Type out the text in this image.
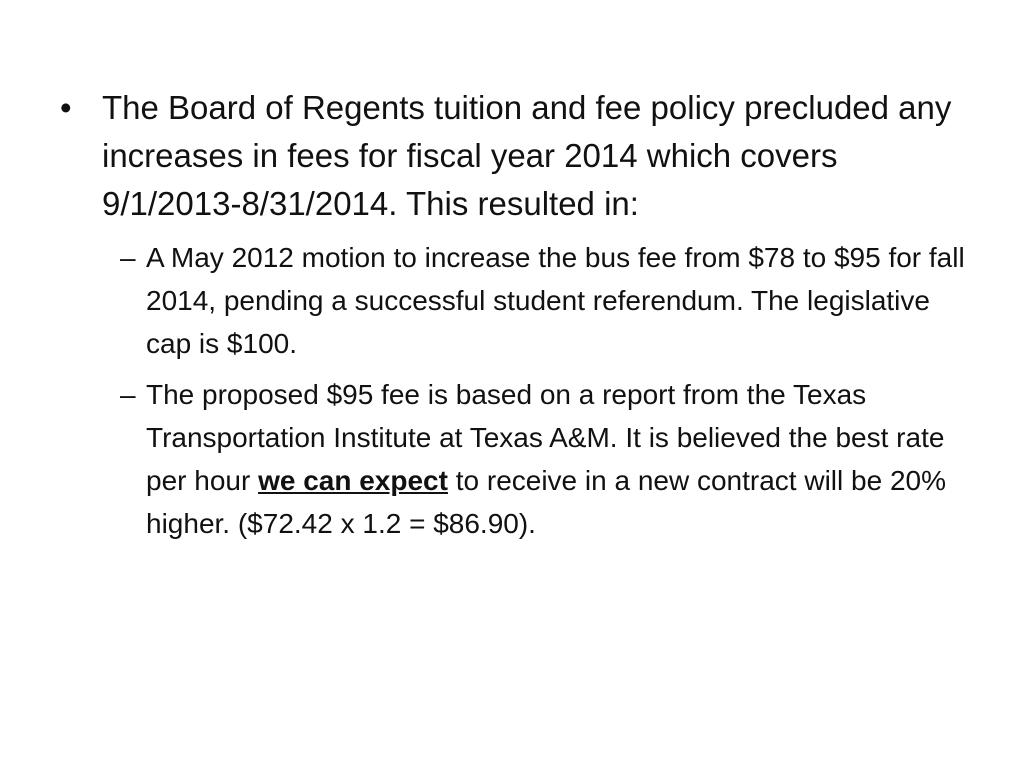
• The Board of Regents tuition and fee policy precluded any increases in fees for fiscal year 2014 which covers 9/1/2013-8/31/2014. This resulted in:

– A May 2012 motion to increase the bus fee from $78 to $95 for fall 2014, pending a successful student referendum. The legislative cap is $100.

– The proposed $95 fee is based on a report from the Texas Transportation Institute at Texas A&M. It is believed the best rate per hour we can expect to receive in a new contract will be 20% higher. ($72.42 x 1.2 = $86.90).
